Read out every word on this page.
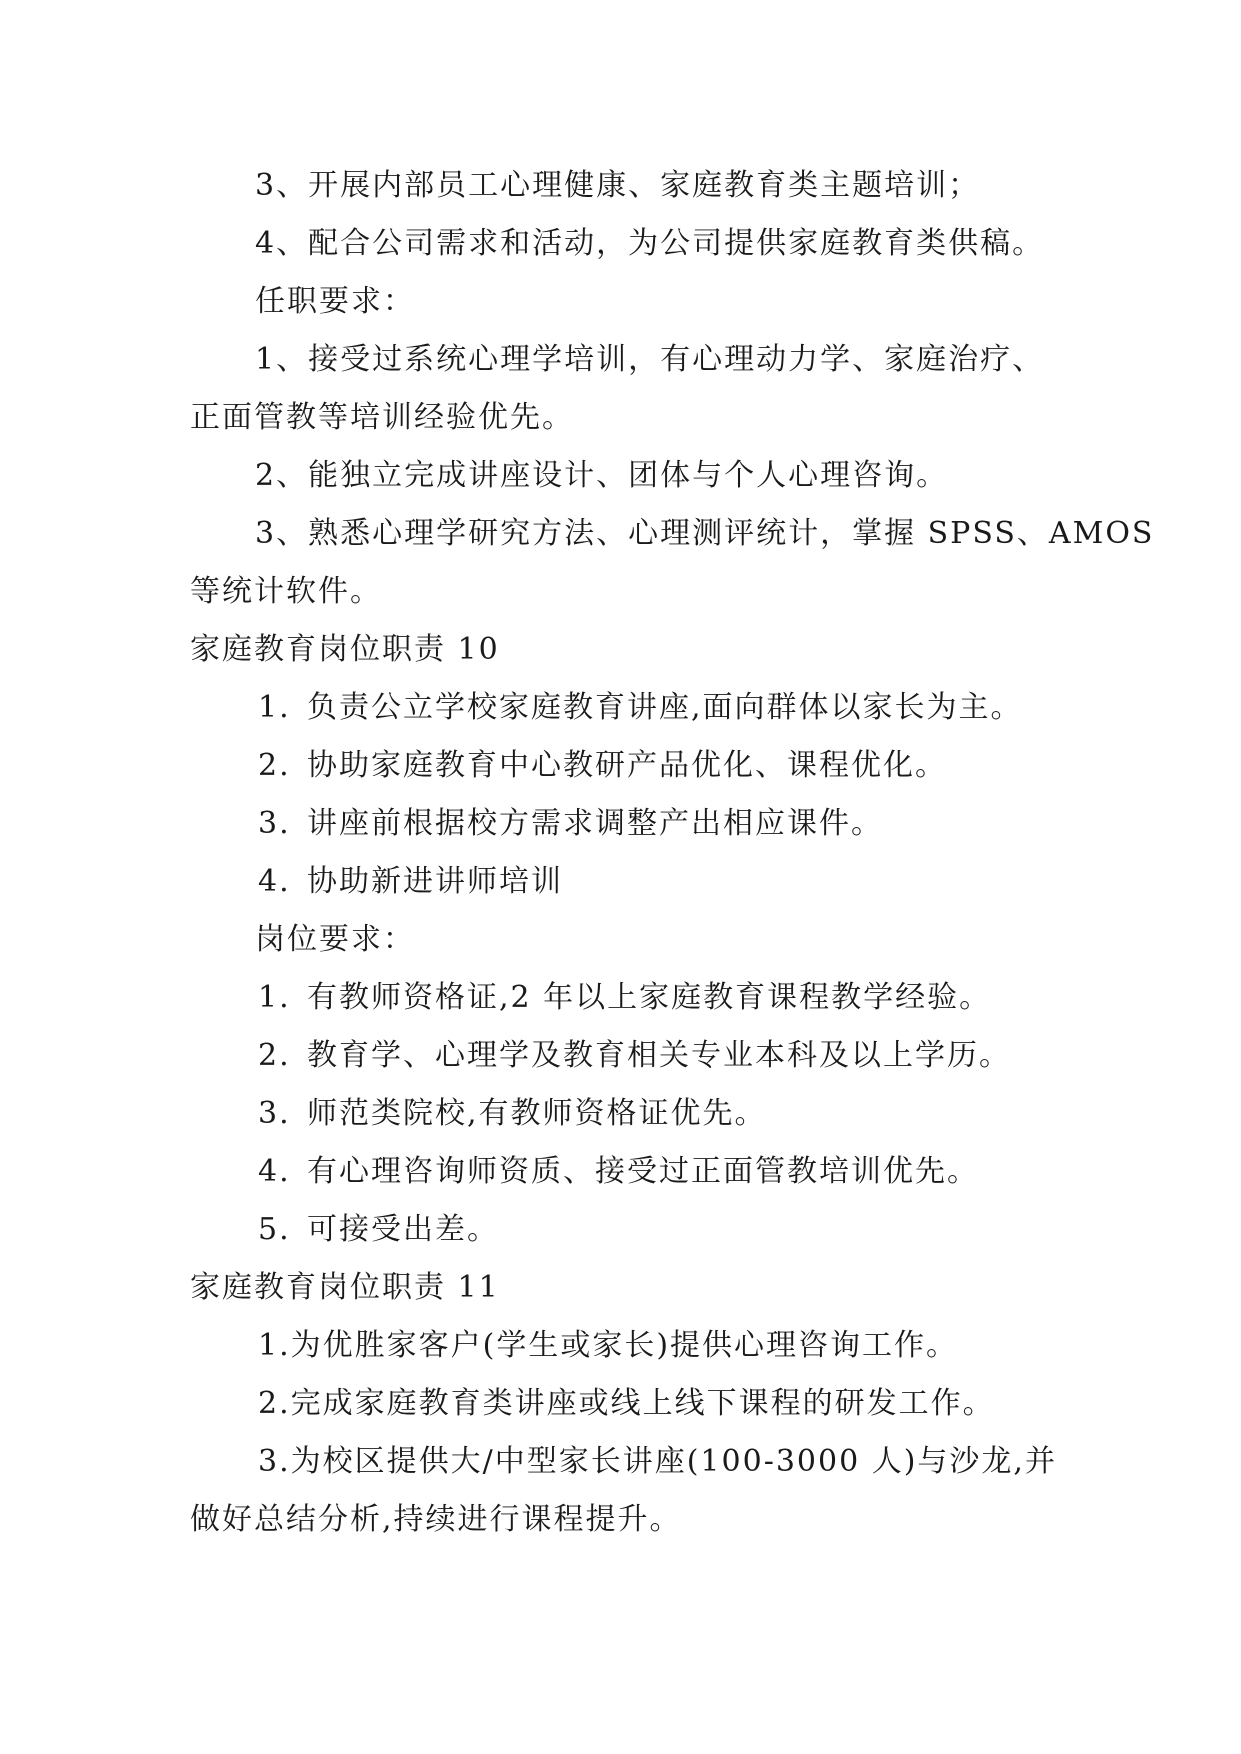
3、开展内部员工心理健康、家庭教育类主题培训；
4、配合公司需求和活动，为公司提供家庭教育类供稿。
任职要求：
1、接受过系统心理学培训，有心理动力学、家庭治疗、
正面管教等培训经验优先。
2、能独立完成讲座设计、团体与个人心理咨询。
3、熟悉心理学研究方法、心理测评统计，掌握 SPSS、AMOS
等统计软件。
家庭教育岗位职责 10
1. 负责公立学校家庭教育讲座,面向群体以家长为主。
2. 协助家庭教育中心教研产品优化、课程优化。
3. 讲座前根据校方需求调整产出相应课件。
4. 协助新进讲师培训
岗位要求：
1. 有教师资格证,2 年以上家庭教育课程教学经验。
2. 教育学、心理学及教育相关专业本科及以上学历。
3. 师范类院校,有教师资格证优先。
4. 有心理咨询师资质、接受过正面管教培训优先。
5. 可接受出差。
家庭教育岗位职责 11
1.为优胜家客户(学生或家长)提供心理咨询工作。
2.完成家庭教育类讲座或线上线下课程的研发工作。
3.为校区提供大/中型家长讲座(100-3000 人)与沙龙,并
做好总结分析,持续进行课程提升。
